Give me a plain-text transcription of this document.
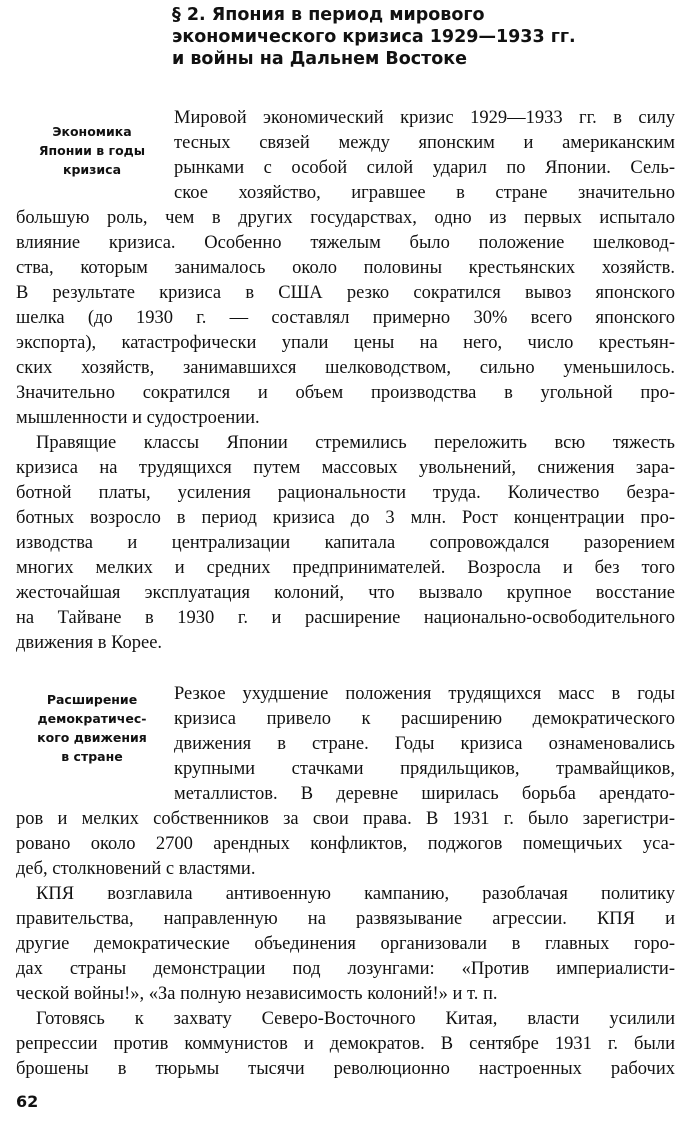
§ 2. Япония в период мирового
экономического кризиса 1929—1933 гг.
и войны на Дальнем Востоке
Экономика
Японии в годы
кризиса
Расширение
демократичес-
кого движения
в стране

Мировой экономический кризис 1929—1933 гг. в силу

тесных связей между японским и американским

рынками с особой силой ударил по Японии. Сель-

ское хозяйство, игравшее в стране значительно

большую роль, чем в других государствах, одно из первых испытало

влияние кризиса. Особенно тяжелым было положение шелковод-

ства, которым занималось около половины крестьянских хозяйств.

В результате кризиса в США резко сократился вывоз японского

шелка (до 1930 г. — составлял примерно 30% всего японского

экспорта), катастрофически упали цены на него, число крестьян-

ских хозяйств, занимавшихся шелководством, сильно уменьшилось.

Значительно сократился и объем производства в угольной про-

мышленности и судостроении.

Правящие классы Японии стремились переложить всю тяжесть

кризиса на трудящихся путем массовых увольнений, снижения зара-

ботной платы, усиления рациональности труда. Количество безра-

ботных возросло в период кризиса до 3 млн. Рост концентрации про-

изводства и централизации капитала сопровождался разорением

многих мелких и средних предпринимателей. Возросла и без того

жесточайшая эксплуатация колоний, что вызвало крупное восстание

на Тайване в 1930 г. и расширение национально-освободительного

движения в Корее.

Резкое ухудшение положения трудящихся масс в годы

кризиса привело к расширению демократического

движения в стране. Годы кризиса ознаменовались

крупными стачками прядильщиков, трамвайщиков,

металлистов. В деревне ширилась борьба арендато-

ров и мелких собственников за свои права. В 1931 г. было зарегистри-

ровано около 2700 арендных конфликтов, поджогов помещичьих уса-

деб, столкновений с властями.

КПЯ возглавила антивоенную кампанию, разоблачая политику

правительства, направленную на развязывание агрессии. КПЯ и

другие демократические объединения организовали в главных горо-

дах страны демонстрации под лозунгами: «Против империалисти-

ческой войны!», «За полную независимость колоний!» и т. п.

Готовясь к захвату Северо-Восточного Китая, власти усилили

репрессии против коммунистов и демократов. В сентябре 1931 г. были

брошены в тюрьмы тысячи революционно настроенных рабочих

62
